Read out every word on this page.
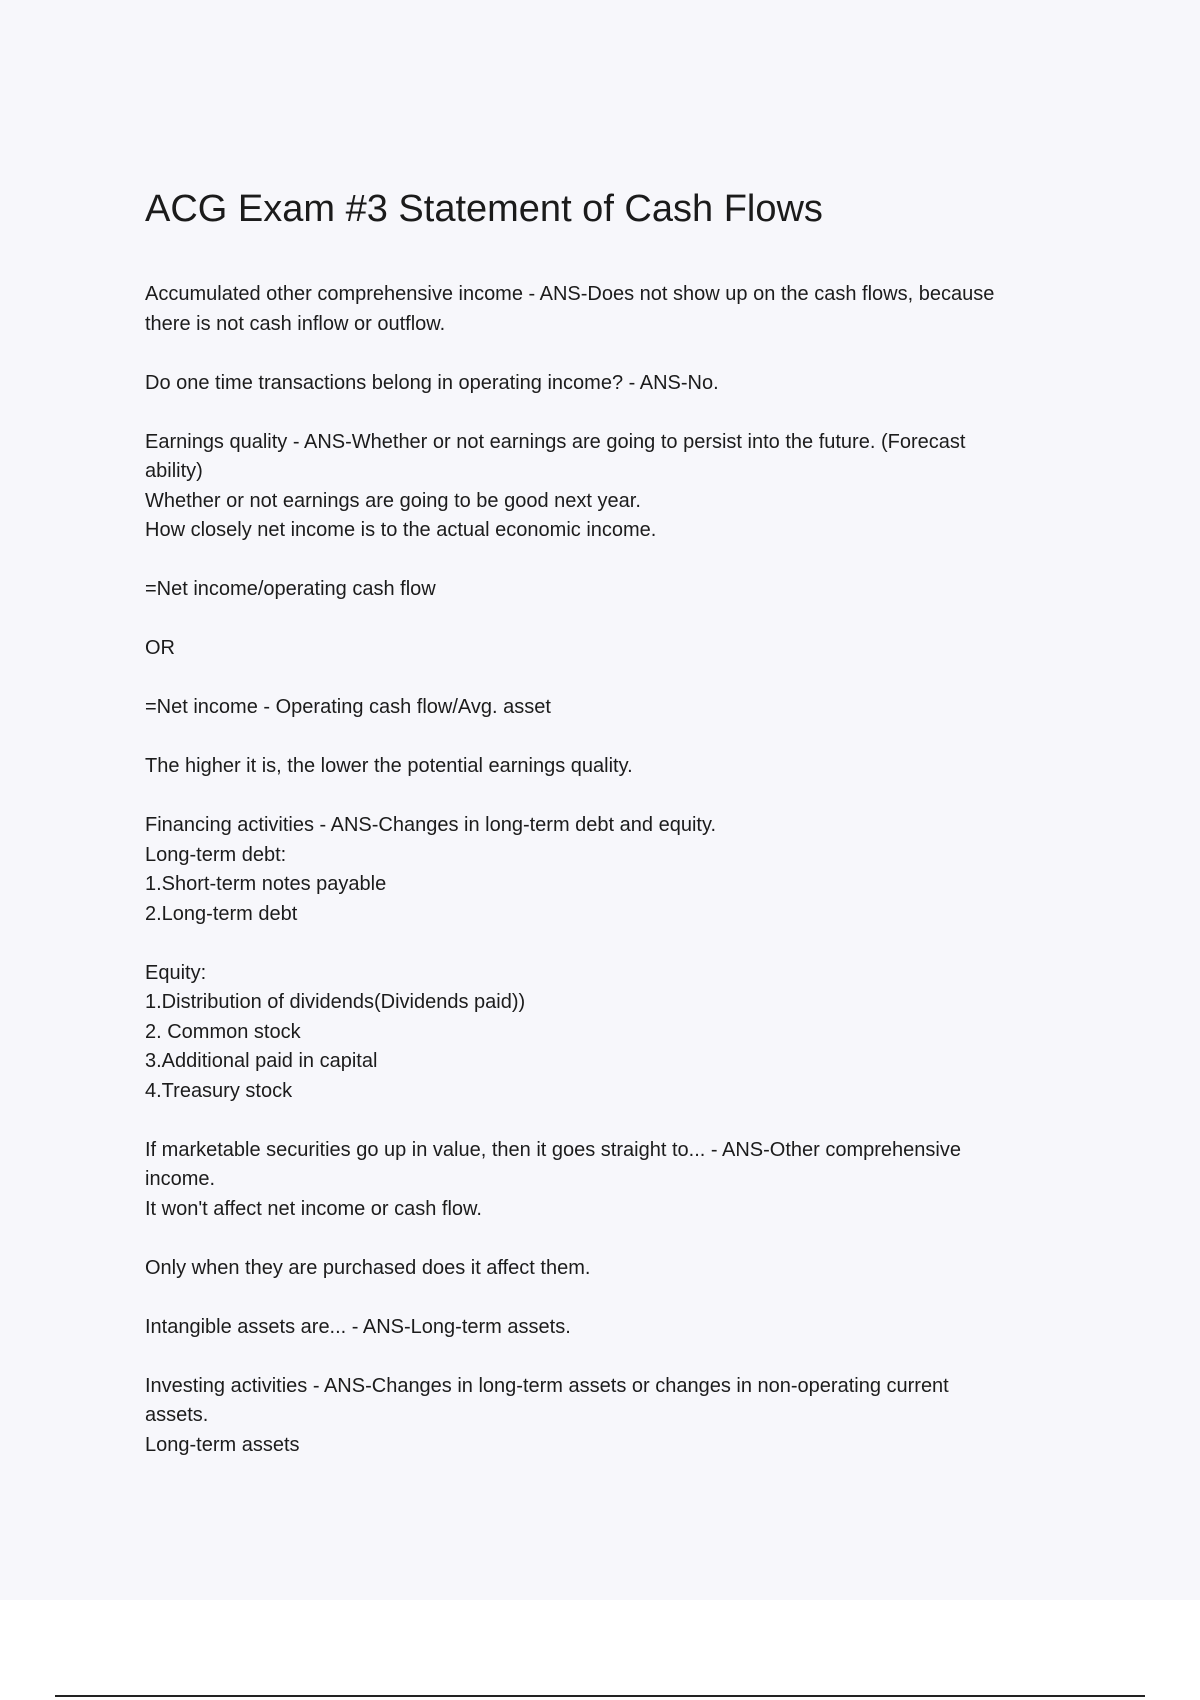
ACG Exam #3 Statement of Cash Flows
Accumulated other comprehensive income - ANS-Does not show up on the cash flows, because
there is not cash inflow or outflow.
Do one time transactions belong in operating income? - ANS-No.
Earnings quality - ANS-Whether or not earnings are going to persist into the future. (Forecast
ability)
Whether or not earnings are going to be good next year.
How closely net income is to the actual economic income.
=Net income/operating cash flow
OR
=Net income - Operating cash flow/Avg. asset
The higher it is, the lower the potential earnings quality.
Financing activities - ANS-Changes in long-term debt and equity.
Long-term debt:
1.Short-term notes payable
2.Long-term debt
Equity:
1.Distribution of dividends(Dividends paid))
2. Common stock
3.Additional paid in capital
4.Treasury stock
If marketable securities go up in value, then it goes straight to... - ANS-Other comprehensive
income.
It won't affect net income or cash flow.
Only when they are purchased does it affect them.
Intangible assets are... - ANS-Long-term assets.
Investing activities - ANS-Changes in long-term assets or changes in non-operating current
assets.
Long-term assets
